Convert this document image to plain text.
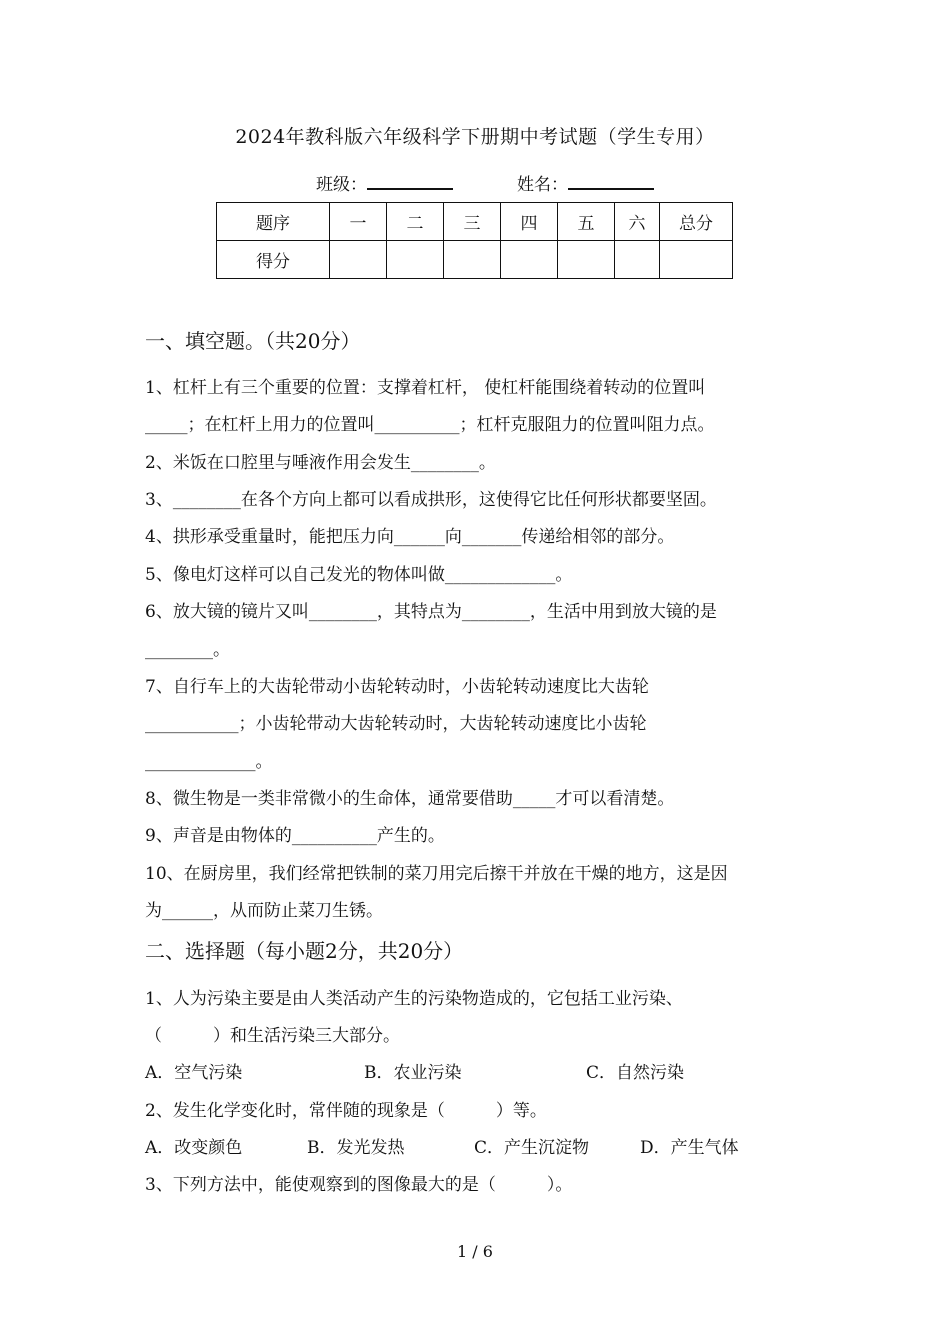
2024年教科版六年级科学下册期中考试题（学生专用）
班级：	姓名：
题序	一	二	三	四	五	六	总分
得分							
一、填空题。（共20分）
1、杠杆上有三个重要的位置：支撑着杠杆， 使杠杆能围绕着转动的位置叫
_____；在杠杆上用力的位置叫__________；杠杆克服阻力的位置叫阻力点。
2、米饭在口腔里与唾液作用会发生________。
3、________在各个方向上都可以看成拱形，这使得它比任何形状都要坚固。
4、拱形承受重量时，能把压力向______向_______传递给相邻的部分。
5、像电灯这样可以自己发光的物体叫做_____________。
6、放大镜的镜片又叫________，其特点为________，生活中用到放大镜的是
________。
7、自行车上的大齿轮带动小齿轮转动时，小齿轮转动速度比大齿轮
___________；小齿轮带动大齿轮转动时，大齿轮转动速度比小齿轮
_____________。
8、微生物是一类非常微小的生命体，通常要借助_____才可以看清楚。
9、声音是由物体的__________产生的。
10、在厨房里，我们经常把铁制的菜刀用完后擦干并放在干燥的地方，这是因
为______，从而防止菜刀生锈。
二、选择题（每小题2分，共20分）
1、人为污染主要是由人类活动产生的污染物造成的，它包括工业污染、
（　　　）和生活污染三大部分。
A．空气污染	B．农业污染	C．自然污染
2、发生化学变化时，常伴随的现象是（　　　）等。
A．改变颜色	B．发光发热	C．产生沉淀物	D．产生气体
3、下列方法中，能使观察到的图像最大的是（　　　）。
1 / 6
